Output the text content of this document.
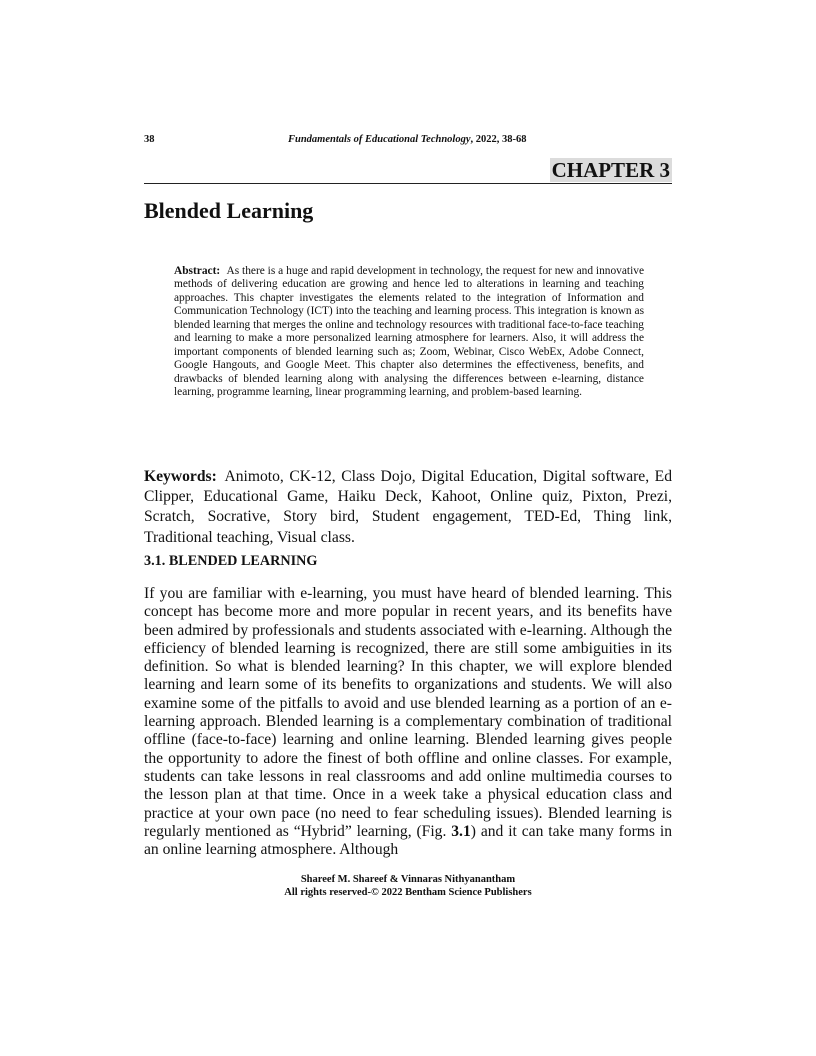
38	Fundamentals of Educational Technology, 2022, 38-68
CHAPTER 3
Blended Learning

Abstract: As there is a huge and rapid development in technology, the request for new and innovative methods of delivering education are growing and hence led to alterations in learning and teaching approaches. This chapter investigates the elements related to the integration of Information and Communication Technology (ICT) into the teaching and learning process. This integration is known as blended learning that merges the online and technology resources with traditional face-to-face teaching and learning to make a more personalized learning atmosphere for learners. Also, it will address the important components of blended learning such as; Zoom, Webinar, Cisco WebEx, Adobe Connect, Google Hangouts, and Google Meet. This chapter also determines the effectiveness, benefits, and drawbacks of blended learning along with analysing the differences between e-learning, distance learning, programme learning, linear programming learning, and problem-based learning.

Keywords: Animoto, CK-12, Class Dojo, Digital Education, Digital software, Ed Clipper, Educational Game, Haiku Deck, Kahoot, Online quiz, Pixton, Prezi, Scratch, Socrative, Story bird, Student engagement, TED-Ed, Thing link, Traditional teaching, Visual class.

3.1. BLENDED LEARNING

If you are familiar with e-learning, you must have heard of blended learning. This concept has become more and more popular in recent years, and its benefits have been admired by professionals and students associated with e-learning. Although the efficiency of blended learning is recognized, there are still some ambiguities in its definition. So what is blended learning? In this chapter, we will explore blended learning and learn some of its benefits to organizations and students. We will also examine some of the pitfalls to avoid and use blended learning as a portion of an e-learning approach. Blended learning is a complementary combination of traditional offline (face-to-face) learning and online learning. Blended learning gives people the opportunity to adore the finest of both offline and online classes. For example, students can take lessons in real classrooms and add online multimedia courses to the lesson plan at that time. Once in a week take a physical education class and practice at your own pace (no need to fear scheduling issues). Blended learning is regularly mentioned as “Hybrid” learning, (Fig. 3.1) and it can take many forms in an online learning atmosphere. Although

Shareef M. Shareef & Vinnaras Nithyanantham
All rights reserved-© 2022 Bentham Science Publishers
